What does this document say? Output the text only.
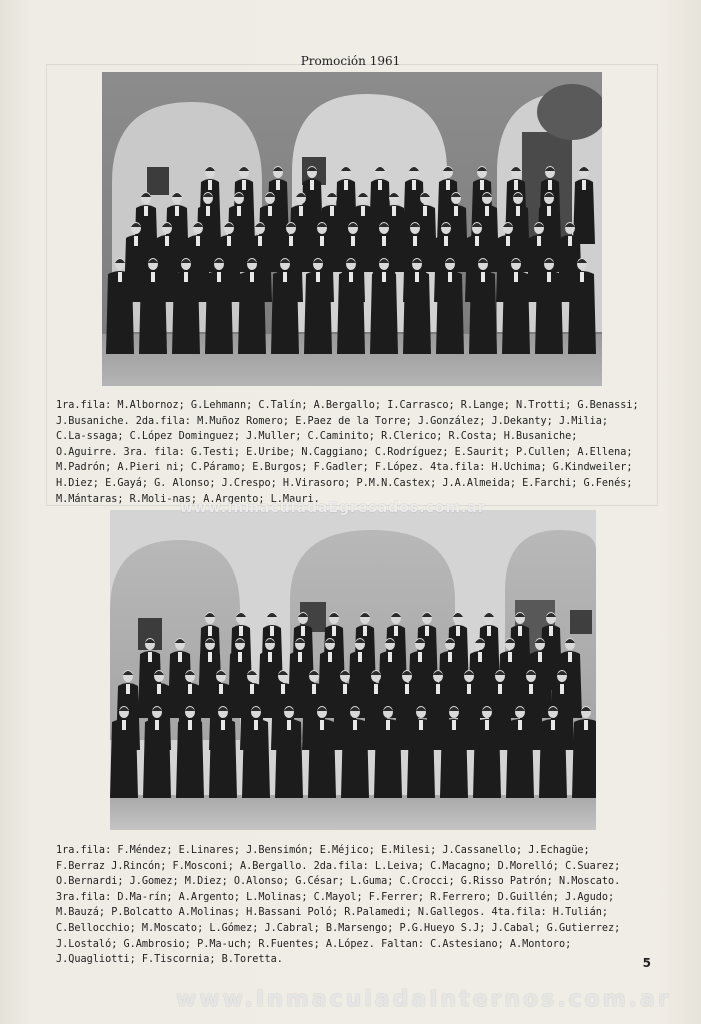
Promoción 1961
1ra.fila: M.Albornoz; G.Lehmann; C.Talín; A.Bergallo; I.Carrasco; R.Lange; N.Trotti; G.Benassi; J.Busaniche. 2da.fila: M.Muñoz Romero; E.Paez de la Torre; J.González; J.Dekanty; J.Milia; C.La-ssaga; C.López Dominguez; J.Muller; C.Caminito; R.Clerico; R.Costa; H.Busaniche; O.Aguirre. 3ra. fila: G.Testi; E.Uribe; N.Caggiano; C.Rodríguez; E.Saurit; P.Cullen; A.Ellena; M.Padrón; A.Pieri ni; C.Páramo; E.Burgos; F.Gadler; F.López. 4ta.fila: H.Uchima; G.Kindweiler; H.Diez; E.Gayá; G. Alonso; J.Crespo; H.Virasoro; P.M.N.Castex; J.A.Almeida; E.Farchi; G.Fenés; M.Mántaras; R.Moli-nas; A.Argento; L.Mauri.
1ra.fila: F.Méndez; E.Linares; J.Bensimón; E.Méjico; E.Milesi; J.Cassanello; J.Echagüe; F.Berraz J.Rincón; F.Mosconi; A.Bergallo. 2da.fila: L.Leiva; C.Macagno; D.Morelló; C.Suarez; O.Bernardi; J.Gomez; M.Diez; O.Alonso; G.César; L.Guma; C.Crocci; G.Risso Patrón; N.Moscato. 3ra.fila: D.Ma-rín; A.Argento; L.Molinas; C.Mayol; F.Ferrer; R.Ferrero; D.Guillén; J.Agudo; M.Bauzá; P.Bolcatto A.Molinas; H.Bassani Poló; R.Palamedi; N.Gallegos. 4ta.fila: H.Tulián; C.Bellocchio; M.Moscato; L.Gómez; J.Cabral; B.Marsengo; P.G.Hueyo S.J; J.Cabal; G.Gutierrez; J.Lostaló; G.Ambrosio; P.Ma-uch; R.Fuentes; A.López. Faltan: C.Astesiano; A.Montoro; J.Quagliotti; F.Tiscornia; B.Toretta.
www.InmaculadaEgresados.com.ar
www.InmaculadaInternos.com.ar
5
